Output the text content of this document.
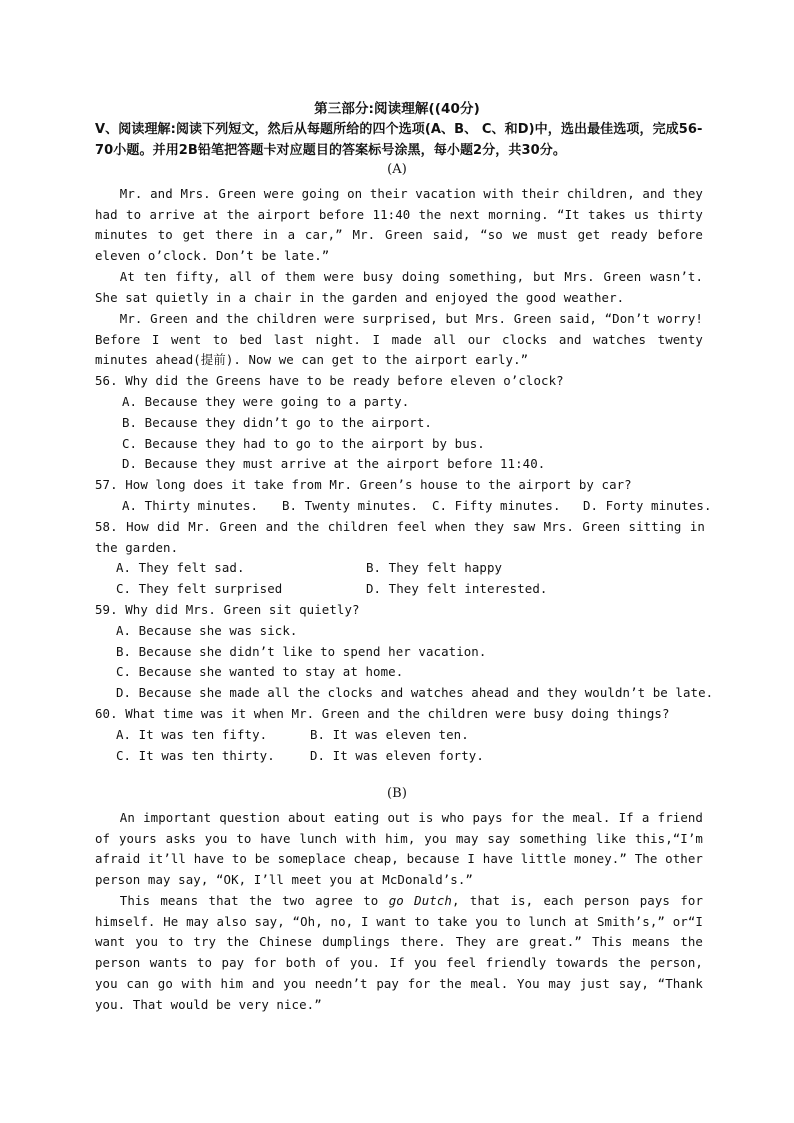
第三部分:阅读理解((40分)
V、阅读理解:阅读下列短文，然后从每题所给的四个选项(A、B、 C、和D)中，选出最佳选项，完成56-70小题。并用2B铅笔把答题卡对应题目的答案标号涂黑，每小题2分，共30分。
(A)
Mr. and Mrs. Green were going on their vacation with their children, and they had to arrive at the airport before 11:40 the next morning. “It takes us thirty minutes to get there in a car,” Mr. Green said, “so we must get ready before eleven o’clock. Don’t be late.”
At ten fifty, all of them were busy doing something, but Mrs. Green wasn’t. She sat quietly in a chair in the garden and enjoyed the good weather.
Mr. Green and the children were surprised, but Mrs. Green said, “Don’t worry! Before I went to bed last night. I made all our clocks and watches twenty minutes ahead(提前). Now we can get to the airport early.”
56. Why did the Greens have to be ready before eleven o’clock?
A. Because they were going to a party.
B. Because they didn’t go to the airport.
C. Because they had to go to the airport by bus.
D. Because they must arrive at the airport before 11:40.
57. How long does it take from Mr. Green’s house to the airport by car?
A. Thirty minutes. B. Twenty minutes. C. Fifty minutes. D. Forty minutes.
58. How did Mr. Green and the children feel when they saw Mrs. Green sitting in the garden.
A. They felt sad.	B. They felt happy
C. They felt surprised	D. They felt interested.
59. Why did Mrs. Green sit quietly?
A. Because she was sick.
B. Because she didn’t like to spend her vacation.
C. Because she wanted to stay at home.
D. Because she made all the clocks and watches ahead and they wouldn’t be late.
60. What time was it when Mr. Green and the children were busy doing things?
A. It was ten fifty.	B. It was eleven ten.
C. It was ten thirty.	D. It was eleven forty.
(B)
An important question about eating out is who pays for the meal. If a friend of yours asks you to have lunch with him, you may say something like this,“I’m afraid it’ll have to be someplace cheap, because I have little money.” The other person may say, “OK, I’ll meet you at McDonald’s.”
This means that the two agree to go Dutch, that is, each person pays for himself. He may also say, “Oh, no, I want to take you to lunch at Smith’s,” or“I want you to try the Chinese dumplings there. They are great.” This means the person wants to pay for both of you. If you feel friendly towards the person, you can go with him and you needn’t pay for the meal. You may just say, “Thank you. That would be very nice.”
